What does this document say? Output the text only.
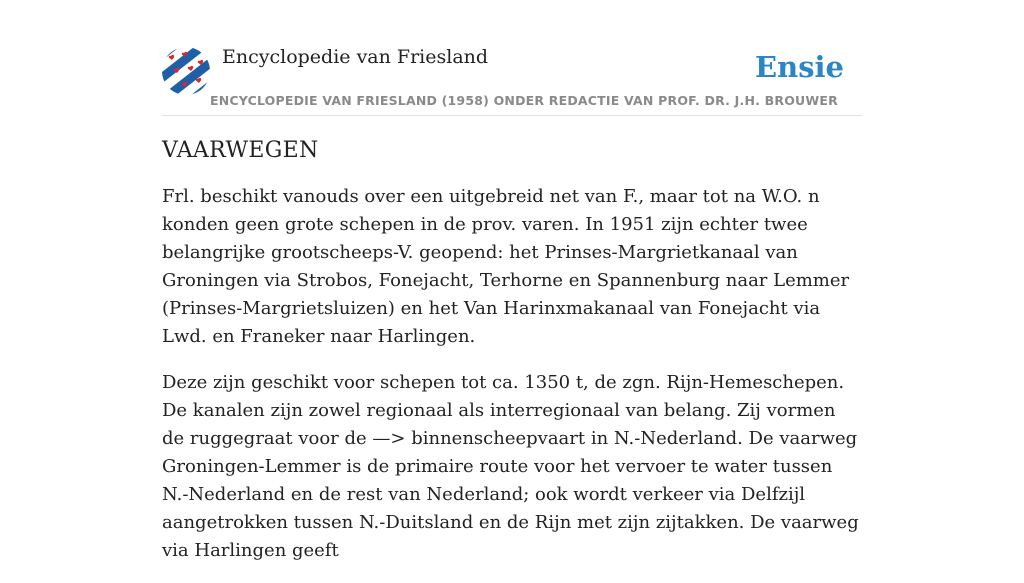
Encyclopedie van Friesland	Ensie
ENCYCLOPEDIE VAN FRIESLAND (1958) ONDER REDACTIE VAN PROF. DR. J.H. BROUWER
VAARWEGEN

Frl. beschikt vanouds over een uitgebreid net van F., maar tot na W.O. n konden geen grote schepen in de prov. varen. In 1951 zijn echter twee belangrijke grootscheeps-V. geopend: het Prinses-Margrietkanaal van Groningen via Strobos, Fonejacht, Terhorne en Spannenburg naar Lemmer (Prinses-Margrietsluizen) en het Van Harinxmakanaal van Fonejacht via Lwd. en Franeker naar Harlingen.

Deze zijn geschikt voor schepen tot ca. 1350 t, de zgn. Rijn-Hemeschepen. De kanalen zijn zowel regionaal als interregionaal van belang. Zij vormen de ruggegraat voor de —> binnenscheepvaart in N.-Nederland. De vaarweg Groningen-Lemmer is de primaire route voor het vervoer te water tussen N.-Nederland en de rest van Nederland; ook wordt verkeer via Delfzijl aangetrokken tussen N.-Duitsland en de Rijn met zijn zijtakken. De vaarweg via Harlingen geeft
